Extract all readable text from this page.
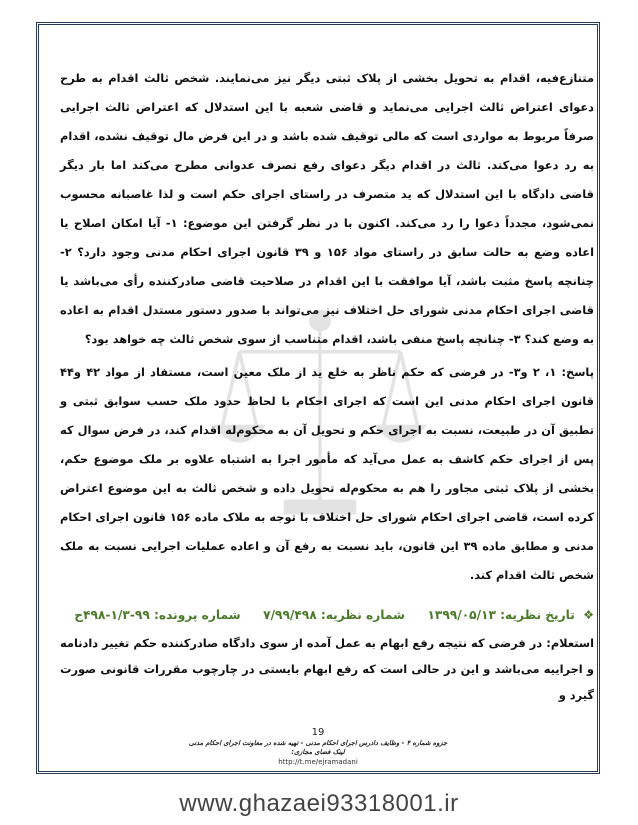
متنازع‌فیه، اقدام به تحویل بخشی از پلاک ثبتی دیگر نیز می‌نمایند. شخص ثالث اقدام به طرح دعوای اعتراض ثالث اجرایی می‌نماید و قاضی شعبه با این استدلال که اعتراض ثالث اجرایی صرفاً مربوط به مواردی است که مالی توقیف شده باشد و در این فرض مال توقیف نشده، اقدام به رد دعوا می‌کند. ثالث در اقدام دیگر دعوای رفع تصرف عدوانی مطرح می‌کند اما بار دیگر قاضی دادگاه با این استدلال که ید متصرف در راستای اجرای حکم است و لذا غاصبانه محسوب نمی‌شود، مجدداً دعوا را رد می‌کند. اکنون با در نظر گرفتن این موضوع: ۱- آیا امکان اصلاح یا اعاده وضع به حالت سابق در راستای مواد ۱۵۶ و ۳۹ قانون اجرای احکام مدنی وجود دارد؟ ۲- چنانچه پاسخ مثبت باشد، آیا موافقت با این اقدام در صلاحیت قاضی صادرکننده رأی می‌باشد یا قاضی اجرای احکام مدنی شورای حل اختلاف نیز می‌تواند با صدور دستور مستدل اقدام به اعاده به وضع کند؟ ۳- چنانچه پاسخ منفی باشد، اقدام متناسب از سوی شخص ثالث چه خواهد بود؟

پاسخ: ۱، ۲ و۳- در فرضی که حکم ناظر به خلع ید از ملک معین است، مستفاد از مواد ۴۲ و۴۴ قانون اجرای احکام مدنی این است که اجرای احکام با لحاظ حدود ملک حسب سوابق ثبتی و تطبیق آن در طبیعت، نسبت به اجرای حکم و تحویل آن به محکوم‌له اقدام کند، در فرض سوال که پس از اجرای حکم کاشف به عمل می‌آید که مأمور اجرا به اشتباه علاوه بر ملک موضوع حکم، بخشی از پلاک ثبتی مجاور را هم به محکوم‌له تحویل داده و شخص ثالث به این موضوع اعتراض کرده است، قاضی اجرای احکام شورای حل اختلاف با توجه به ملاک ماده ۱۵۶ قانون اجرای احکام مدنی و مطابق ماده ۳۹ این قانون، باید نسبت به رفع آن و اعاده عملیات اجرایی نسبت به ملک شخص ثالث اقدام کند.

❖ تاریخ نظریه: ۱۳۹۹/۰۵/۱۳  شماره نظریه: ۷/۹۹/۴۹۸  شماره پرونده: ۹۹-۱/۳-۴۹۸ح

استعلام: در فرضی که نتیجه رفع ابهام به عمل آمده از سوی دادگاه صادرکننده حکم تغییر دادنامه و اجراییه می‌باشد و این در حالی است که رفع ابهام بایستی در چارچوب مقررات قانونی صورت گیرد و

19
جزوه شماره ۴ - وظایف دادرس اجرای احکام مدنی - تهیه شده در معاونت اجرای احکام مدنی
لینک فضای مجازی:
http://t.me/ejramadani
www.ghazaei93318001.ir
